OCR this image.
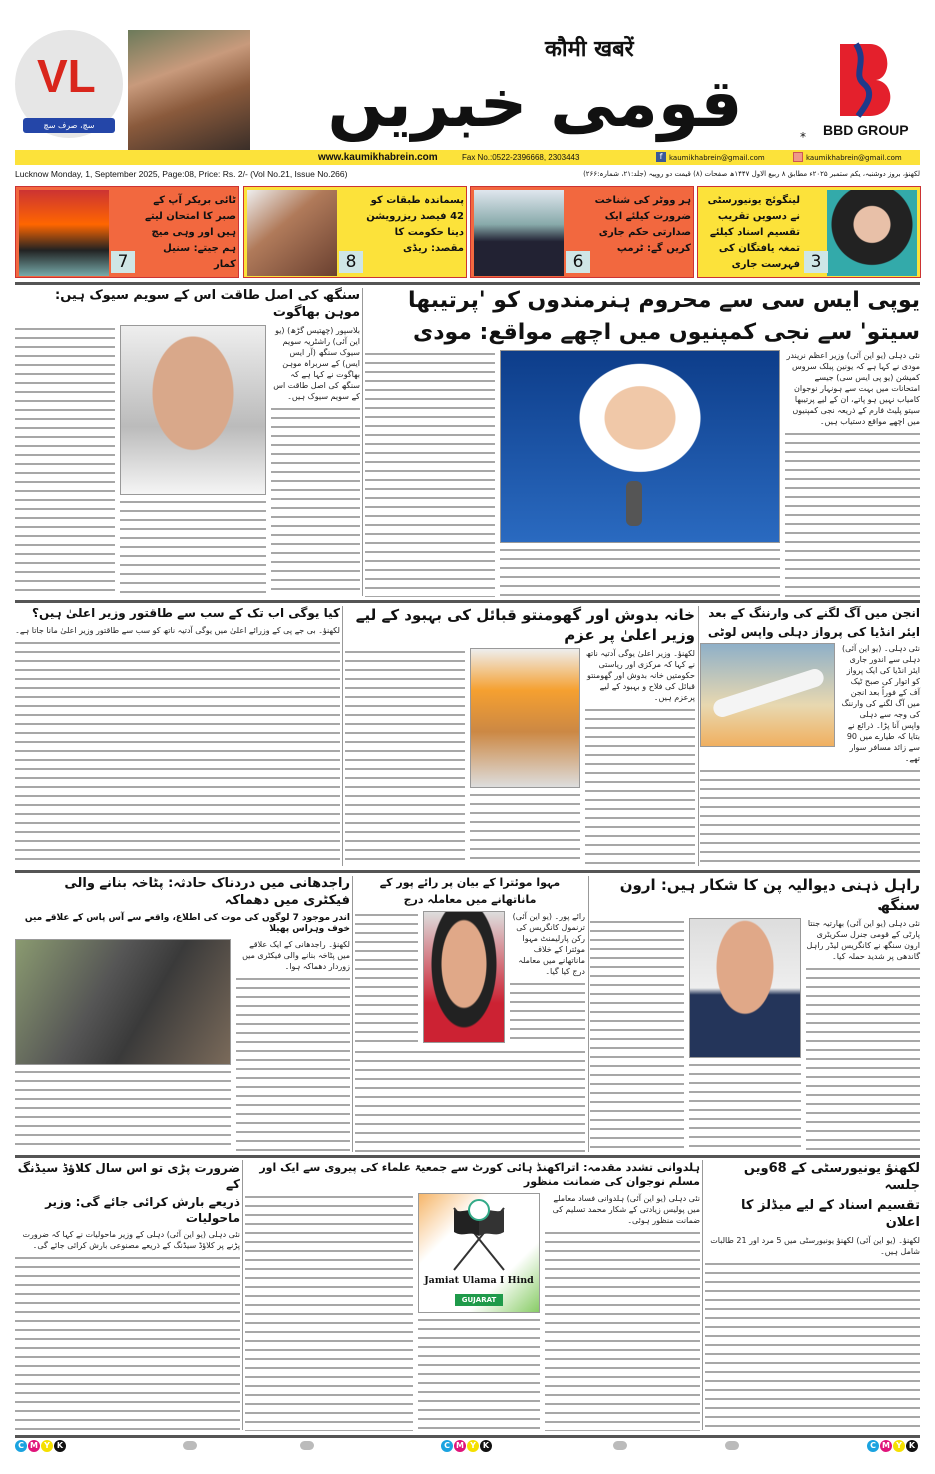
VL
سچ، صرف سچ
कौमी खबरें
قومی خبریں	* BBD GROUP
www.kaumikhabrein.com	Fax No.:0522-2396668, 2303443	f kaumikhabrein@gmail.com	kaumikhabrein@gmail.com
Lucknow Monday, 1, September 2025, Page:08, Price: Rs. 2/- (Vol No.21, Issue No.266)	لکھنؤ، بروز دوشنبہ، یکم ستمبر ۲۰۲۵ء مطابق ۸ ربیع الاول ۱۴۴۷ھ صفحات (۸) قیمت دو روپیہ (جلد:۲۱، شمارہ:۲۶۶)
لینگوئج یونیورسٹی نے دسویں تقریب تقسیم اسناد کیلئے تمغہ یافتگان کی فہرست جاری 3
ہر ووٹر کی شناخت ضرورت کیلئے ایک صدارتی حکم جاری کریں گے: ٹرمپ
6
پسماندہ طبقات کو 42 فیصد ریزرویشن دینا حکومت کا مقصد: ریڈی
8
ٹائی بریکر آپ کے صبر کا امتحان لیتے ہیں اور وہی میچ ہم جیتے: سنیل کمار
7
یوپی ایس سی سے محروم ہنرمندوں کو 'پرتیبھا
سیتو' سے نجی کمپنیوں میں اچھے مواقع: مودی
نئی دہلی (یو این آئی) وزیر اعظم نریندر مودی نے کہا ہے کہ یونین پبلک سروس کمیشن (یو پی ایس سی) جیسے امتحانات میں بہت سے ہونہار نوجوان کامیاب نہیں ہو پاتے، ان کے لیے پرتیبھا سیتو پلیٹ فارم کے ذریعہ نجی کمپنیوں میں اچھے مواقع دستیاب ہیں۔
سنگھ کی اصل طاقت اس کے سویم سیوک ہیں: موہن بھاگوت
بلاسپور (چھتیس گڑھ) (یو این آئی) راشٹریہ سویم سیوک سنگھ (آر ایس ایس) کے سربراہ موہن بھاگوت نے کہا ہے کہ سنگھ کی اصل طاقت اس کے سویم سیوک ہیں۔
انجن میں آگ لگنے کی وارننگ کے بعد
ایئر انڈیا کی پرواز دہلی واپس لوٹی
نئی دہلی۔ (یو این آئی) دہلی سے اندور جاری ایئر انڈیا کی ایک پرواز کو اتوار کی صبح ٹیک آف کے فوراً بعد انجن میں آگ لگنے کی وارننگ کی وجہ سے دہلی واپس آنا پڑا۔ ذرائع نے بتایا کہ طیارے میں 90 سے زائد مسافر سوار تھے۔
خانہ بدوش اور گھومنتو قبائل کی بہبود کے لیے وزیر اعلیٰ پر عزم
لکھنؤ۔ وزیر اعلیٰ یوگی آدتیہ ناتھ نے کہا کہ مرکزی اور ریاستی حکومتیں خانہ بدوش اور گھومنتو قبائل کی فلاح و بہبود کے لیے پرعزم ہیں۔
کیا یوگی اب تک کے سب سے طاقتور وزیر اعلیٰ ہیں؟
لکھنؤ۔ بی جے پی کے وزرائے اعلیٰ میں یوگی آدتیہ ناتھ کو سب سے طاقتور وزیر اعلیٰ مانا جاتا ہے۔
راہل ذہنی دیوالیہ پن کا شکار ہیں: ارون سنگھ
نئی دہلی (یو این آئی) بھارتیہ جنتا پارٹی کے قومی جنرل سکریٹری ارون سنگھ نے کانگریس لیڈر راہل گاندھی پر شدید حملہ کیا۔
مہوا موئترا کے بیان پر رائے پور کے
ماناتھانے میں معاملہ درج
رائے پور۔ (یو این آئی) ترنمول کانگریس کی رکن پارلیمنٹ مہوا موئترا کے خلاف ماناتھانے میں معاملہ درج کیا گیا۔
راجدھانی میں دردناک حادثہ: پٹاخہ بنانے والی فیکٹری میں دھماکہ
اندر موجود 7 لوگوں کی موت کی اطلاع، واقعے سے آس پاس کے علاقے میں خوف وہراس پھیلا
لکھنؤ۔ راجدھانی کے ایک علاقے میں پٹاخہ بنانے والی فیکٹری میں زوردار دھماکہ ہوا۔
لکھنؤ یونیورسٹی کے 68ویں جلسہ
تقسیم اسناد کے لیے میڈلز کا اعلان
لکھنؤ۔ (یو این آئی) لکھنؤ یونیورسٹی میں 5 مرد اور 21 طالبات شامل ہیں۔
ہلدوانی تشدد مقدمہ: اتراکھنڈ ہائی کورٹ سے جمعیۃ علماء کی پیروی سے ایک اور مسلم نوجوان کی ضمانت منظور
Jamiat Ulama I Hind
GUJARAT
نئی دہلی (یو این آئی) ہلدوانی فساد معاملے میں پولیس زیادتی کے شکار محمد تسلیم کی ضمانت منظور ہوئی۔
ضرورت پڑی تو اس سال کلاؤڈ سیڈنگ کے
ذریعے بارش کرائی جائے گی: وزیر ماحولیات
نئی دہلی (یو این آئی) دہلی کے وزیر ماحولیات نے کہا کہ ضرورت پڑنے پر کلاؤڈ سیڈنگ کے ذریعے مصنوعی بارش کرائی جائے گی۔
C M Y K	C M Y K	C M Y K
